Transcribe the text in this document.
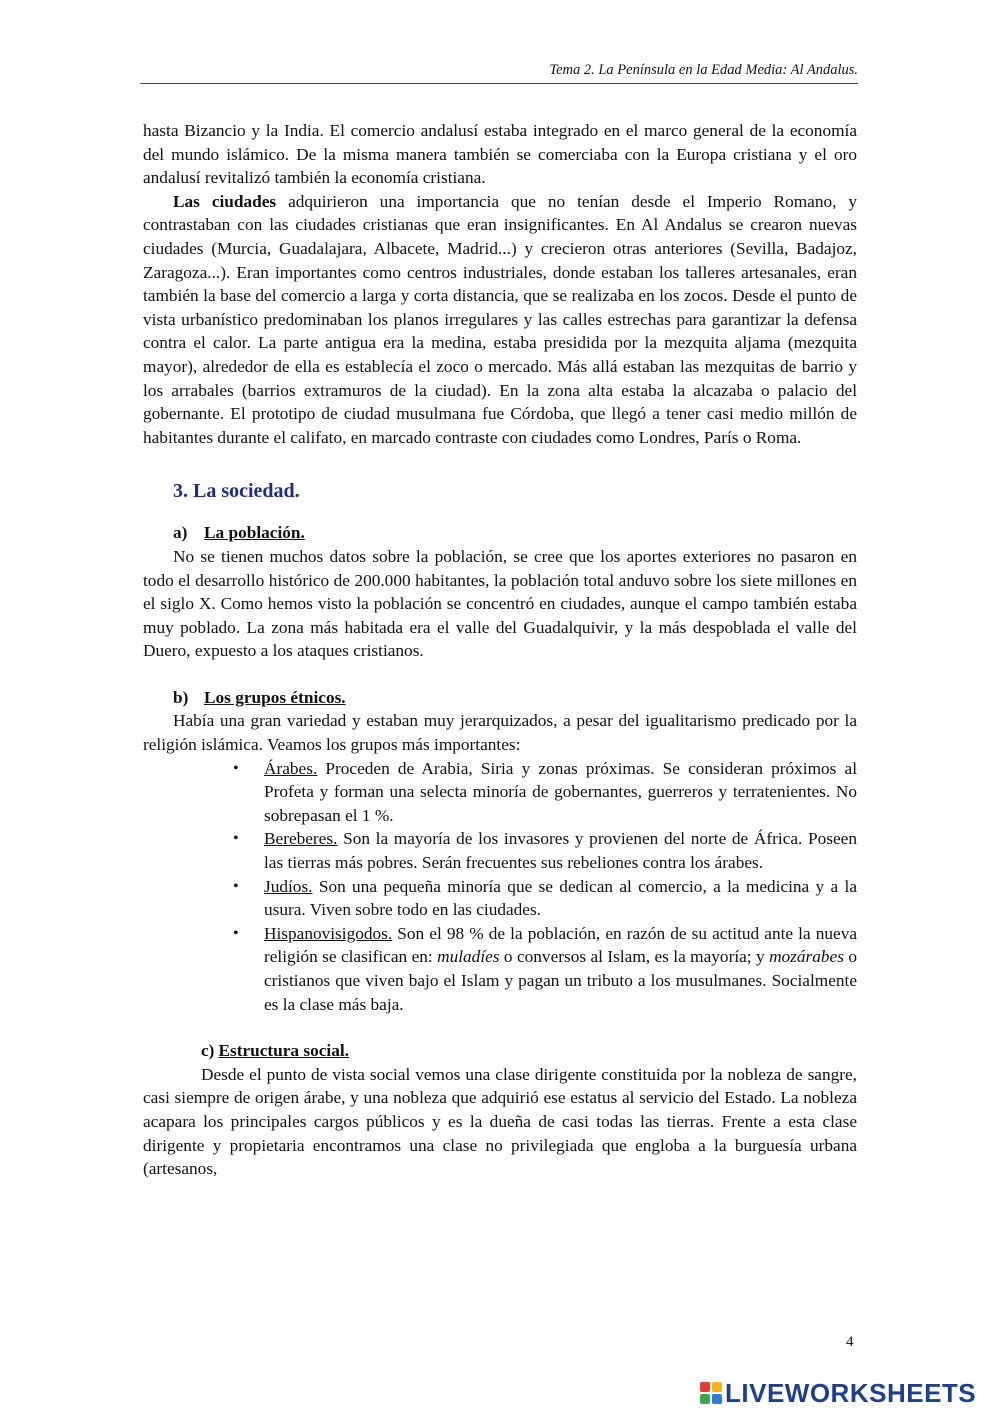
Tema 2. La Península en la Edad Media: Al Andalus.

hasta Bizancio y la India. El comercio andalusí estaba integrado en el marco general de la economía del mundo islámico. De la misma manera también se comerciaba con la Europa cristiana y el oro andalusí revitalizó también la economía cristiana.

Las ciudades adquirieron una importancia que no tenían desde el Imperio Romano, y contrastaban con las ciudades cristianas que eran insignificantes. En Al Andalus se crearon nuevas ciudades (Murcia, Guadalajara, Albacete, Madrid...) y crecieron otras anteriores (Sevilla, Badajoz, Zaragoza...). Eran importantes como centros industriales, donde estaban los talleres artesanales, eran también la base del comercio a larga y corta distancia, que se realizaba en los zocos. Desde el punto de vista urbanístico predominaban los planos irregulares y las calles estrechas para garantizar la defensa contra el calor. La parte antigua era la medina, estaba presidida por la mezquita aljama (mezquita mayor), alrededor de ella es establecía el zoco o mercado. Más allá estaban las mezquitas de barrio y los arrabales (barrios extramuros de la ciudad). En la zona alta estaba la alcazaba o palacio del gobernante. El prototipo de ciudad musulmana fue Córdoba, que llegó a tener casi medio millón de habitantes durante el califato, en marcado contraste con ciudades como Londres, París o Roma.

3. La sociedad.
a) La población.

No se tienen muchos datos sobre la población, se cree que los aportes exteriores no pasaron en todo el desarrollo histórico de 200.000 habitantes, la población total anduvo sobre los siete millones en el siglo X. Como hemos visto la población se concentró en ciudades, aunque el campo también estaba muy poblado. La zona más habitada era el valle del Guadalquivir, y la más despoblada el valle del Duero, expuesto a los ataques cristianos.

b) Los grupos étnicos.

Había una gran variedad y estaban muy jerarquizados, a pesar del igualitarismo predicado por la religión islámica. Veamos los grupos más importantes:

• Árabes. Proceden de Arabia, Siria y zonas próximas. Se consideran próximos al Profeta y forman una selecta minoría de gobernantes, guerreros y terratenientes. No sobrepasan el 1 %.
• Bereberes. Son la mayoría de los invasores y provienen del norte de África. Poseen las tierras más pobres. Serán frecuentes sus rebeliones contra los árabes.
• Judíos. Son una pequeña minoría que se dedican al comercio, a la medicina y a la usura. Viven sobre todo en las ciudades.
• Hispanovisigodos. Son el 98 % de la población, en razón de su actitud ante la nueva religión se clasifican en: muladíes o conversos al Islam, es la mayoría; y mozárabes o cristianos que viven bajo el Islam y pagan un tributo a los musulmanes. Socialmente es la clase más baja.
c) Estructura social.

Desde el punto de vista social vemos una clase dirigente constituida por la nobleza de sangre, casi siempre de origen árabe, y una nobleza que adquirió ese estatus al servicio del Estado. La nobleza acapara los principales cargos públicos y es la dueña de casi todas las tierras. Frente a esta clase dirigente y propietaria encontramos una clase no privilegiada que engloba a la burguesía urbana (artesanos,

4
LIVEWORKSHEETS
